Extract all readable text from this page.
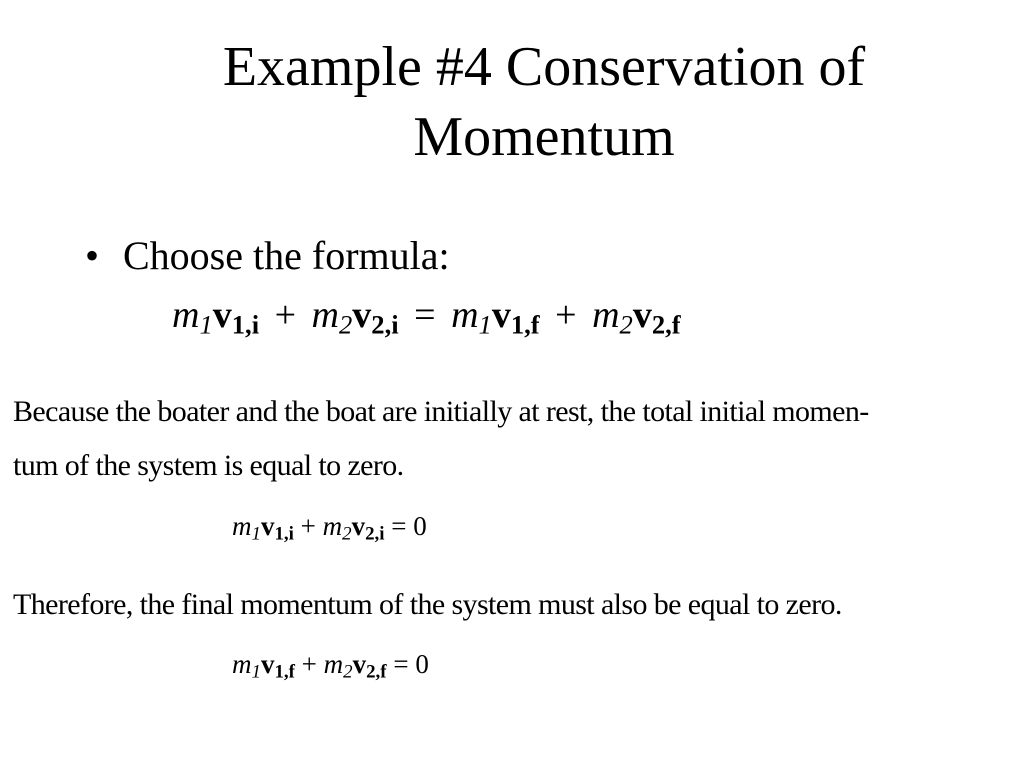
Example #4 Conservation of
Momentum
• Choose the formula:
$m_1v_{1,i} + m_2v_{2,i} = m_1v_{1,f} + m_2v_{2,f}$
Because the boater and the boat are initially at rest, the total initial momen-
tum of the system is equal to zero.
$m_1v_{1,i} + m_2v_{2,i} = 0$
Therefore, the final momentum of the system must also be equal to zero.
$m_1v_{1,f} + m_2v_{2,f} = 0$
